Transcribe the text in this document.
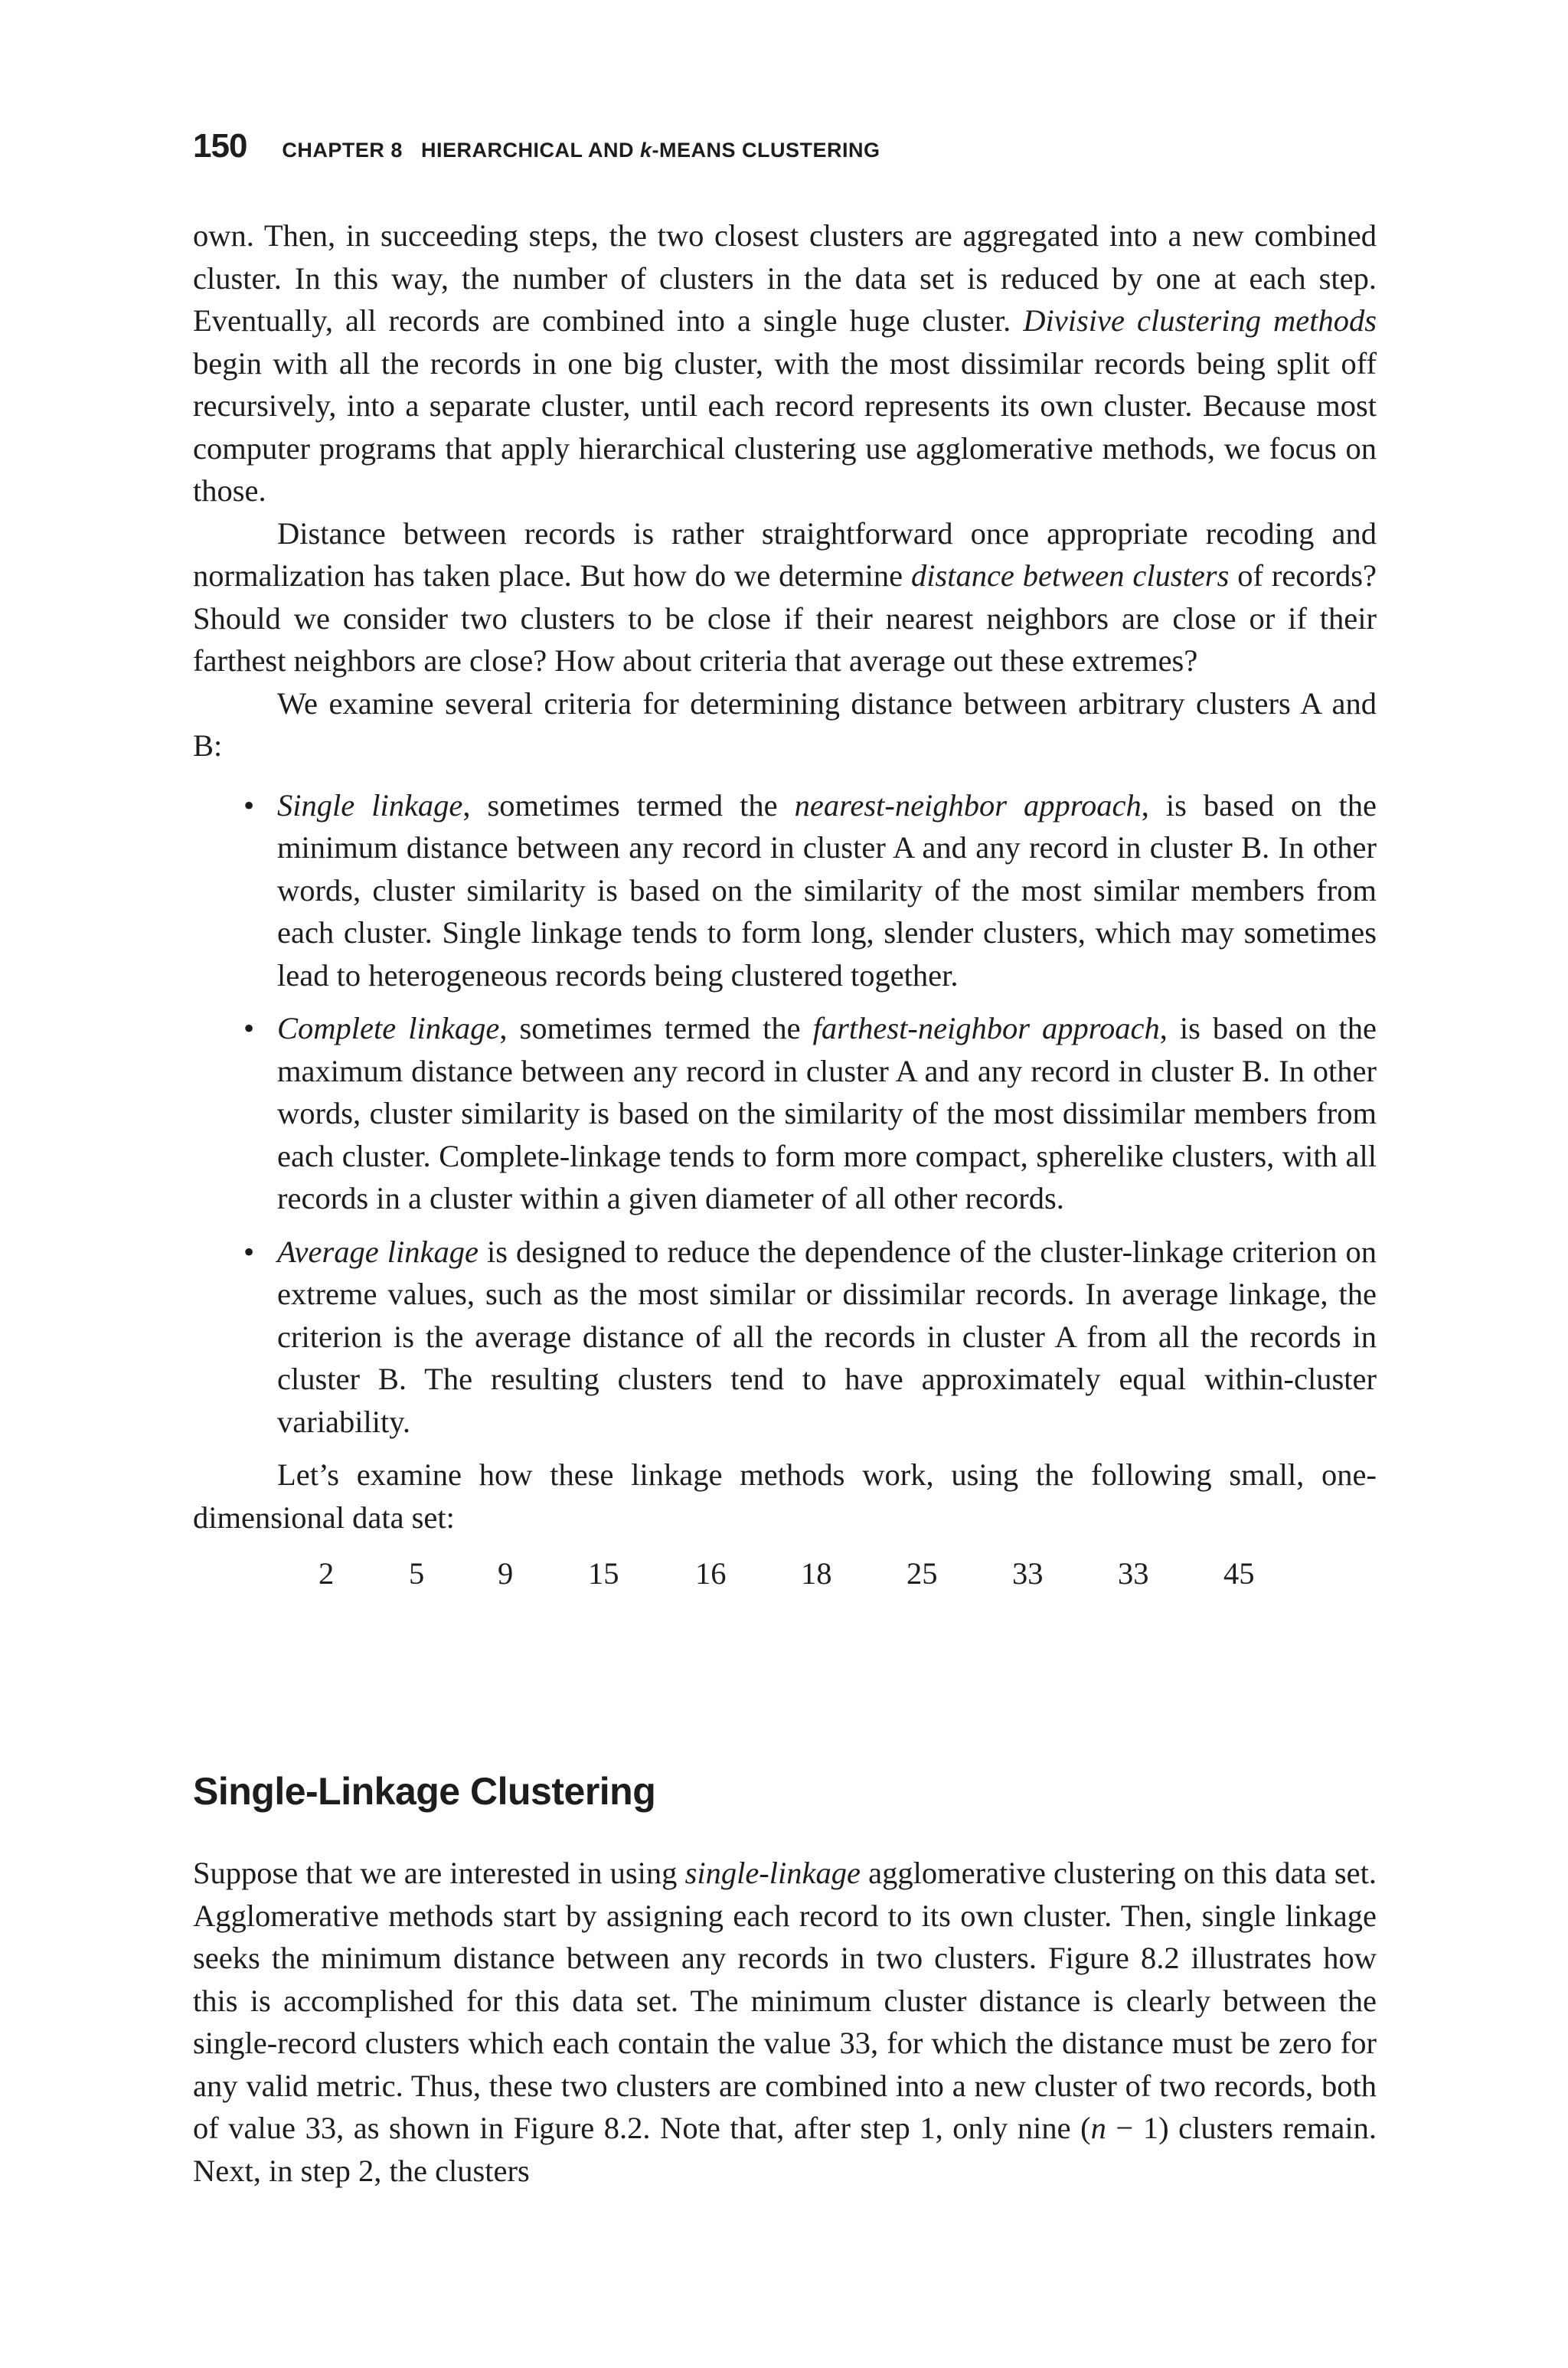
150 CHAPTER 8   HIERARCHICAL AND k-MEANS CLUSTERING

own. Then, in succeeding steps, the two closest clusters are aggregated into a new combined cluster. In this way, the number of clusters in the data set is reduced by one at each step. Eventually, all records are combined into a single huge cluster. Divisive clustering methods begin with all the records in one big cluster, with the most dissimilar records being split off recursively, into a separate cluster, until each record represents its own cluster. Because most computer programs that apply hierarchical clustering use agglomerative methods, we focus on those.

Distance between records is rather straightforward once appropriate recoding and normalization has taken place. But how do we determine distance between clusters of records? Should we consider two clusters to be close if their nearest neighbors are close or if their farthest neighbors are close? How about criteria that average out these extremes?

We examine several criteria for determining distance between arbitrary clusters A and B:

• Single linkage, sometimes termed the nearest-neighbor approach, is based on the minimum distance between any record in cluster A and any record in cluster B. In other words, cluster similarity is based on the similarity of the most similar members from each cluster. Single linkage tends to form long, slender clusters, which may sometimes lead to heterogeneous records being clustered together.
• Complete linkage, sometimes termed the farthest-neighbor approach, is based on the maximum distance between any record in cluster A and any record in cluster B. In other words, cluster similarity is based on the similarity of the most dissimilar members from each cluster. Complete-linkage tends to form more compact, spherelike clusters, with all records in a cluster within a given diameter of all other records.
• Average linkage is designed to reduce the dependence of the cluster-linkage criterion on extreme values, such as the most similar or dissimilar records. In average linkage, the criterion is the average distance of all the records in cluster A from all the records in cluster B. The resulting clusters tend to have approximately equal within-cluster variability.

Let’s examine how these linkage methods work, using the following small, one-dimensional data set:

2	5	9	15	16	18	25	33	33	45
Single-Linkage Clustering

Suppose that we are interested in using single-linkage agglomerative clustering on this data set. Agglomerative methods start by assigning each record to its own cluster. Then, single linkage seeks the minimum distance between any records in two clusters. Figure 8.2 illustrates how this is accomplished for this data set. The minimum cluster distance is clearly between the single-record clusters which each contain the value 33, for which the distance must be zero for any valid metric. Thus, these two clusters are combined into a new cluster of two records, both of value 33, as shown in Figure 8.2. Note that, after step 1, only nine (n − 1) clusters remain. Next, in step 2, the clusters
